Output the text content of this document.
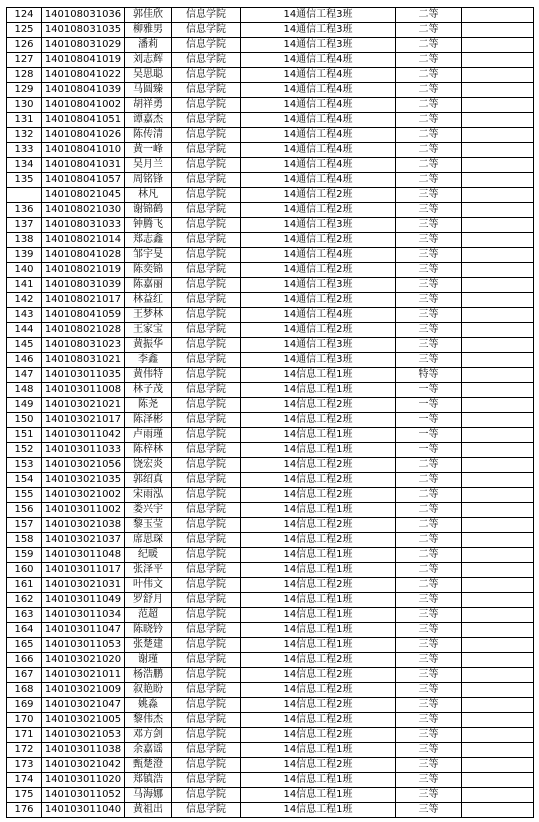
124	140108031036	郭佳欣	信息学院	14通信工程3班	二等	
125	140108031035	柳雅男	信息学院	14通信工程3班	二等	
126	140108031029	潘莉	信息学院	14通信工程3班	二等	
127	140108041019	刘志辉	信息学院	14通信工程4班	二等	
128	140108041022	吴思聪	信息学院	14通信工程4班	二等	
129	140108041039	马圆臻	信息学院	14通信工程4班	二等	
130	140108041002	胡祥勇	信息学院	14通信工程4班	二等	
131	140108041051	谭嘉杰	信息学院	14通信工程4班	二等	
132	140108041026	陈传清	信息学院	14通信工程4班	二等	
133	140108041010	黄一峰	信息学院	14通信工程4班	二等	
134	140108041031	吴月兰	信息学院	14通信工程4班	二等	
135	140108041057	周铭锋	信息学院	14通信工程4班	二等	
	140108021045	林凡	信息学院	14通信工程2班	三等	
136	140108021030	谢锦鹤	信息学院	14通信工程2班	三等	
137	140108031033	钟腾飞	信息学院	14通信工程3班	三等	
138	140108021014	郑志鑫	信息学院	14通信工程2班	三等	
139	140108041028	邹宇旻	信息学院	14通信工程4班	三等	
140	140108021019	陈奕锦	信息学院	14通信工程2班	三等	
141	140108031039	陈嘉丽	信息学院	14通信工程3班	三等	
142	140108021017	林益红	信息学院	14通信工程2班	三等	
143	140108041059	王梦林	信息学院	14通信工程4班	三等	
144	140108021028	王家宝	信息学院	14通信工程2班	三等	
145	140108031023	黄振华	信息学院	14通信工程3班	三等	
146	140108031021	李鑫	信息学院	14通信工程3班	三等	
147	140103011035	黄伟特	信息学院	14信息工程1班	特等	
148	140103011008	林子茂	信息学院	14信息工程1班	一等	
149	140103021021	陈尧	信息学院	14信息工程2班	一等	
150	140103021017	陈泽彬	信息学院	14信息工程2班	一等	
151	140103011042	卢雨瑾	信息学院	14信息工程1班	一等	
152	140103011033	陈梓林	信息学院	14信息工程1班	一等	
153	140103021056	饶宏炎	信息学院	14信息工程2班	二等	
154	140103021035	郭绍真	信息学院	14信息工程2班	二等	
155	140103021002	宋雨泓	信息学院	14信息工程2班	二等	
156	140103011002	娄兴宇	信息学院	14信息工程1班	二等	
157	140103021038	黎玉莹	信息学院	14信息工程2班	二等	
158	140103021037	席思琛	信息学院	14信息工程2班	二等	
159	140103011048	纪暖	信息学院	14信息工程1班	二等	
160	140103011017	张泽平	信息学院	14信息工程1班	二等	
161	140103021031	叶伟文	信息学院	14信息工程2班	二等	
162	140103011049	罗舒月	信息学院	14信息工程1班	三等	
163	140103011034	范超	信息学院	14信息工程1班	三等	
164	140103011047	陈晓钤	信息学院	14信息工程1班	三等	
165	140103011053	张楚建	信息学院	14信息工程1班	三等	
166	140103021020	谢瑾	信息学院	14信息工程2班	三等	
167	140103021011	杨浩鹏	信息学院	14信息工程2班	三等	
168	140103021009	叙艳盼	信息学院	14信息工程2班	三等	
169	140103021047	姚淼	信息学院	14信息工程2班	三等	
170	140103021005	黎伟杰	信息学院	14信息工程2班	三等	
171	140103021053	邓方剑	信息学院	14信息工程2班	三等	
172	140103011038	余嘉谣	信息学院	14信息工程1班	三等	
173	140103021042	甄楚澄	信息学院	14信息工程2班	三等	
174	140103011020	郑镇浩	信息学院	14信息工程1班	三等	
175	140103011052	马海娜	信息学院	14信息工程1班	三等	
176	140103011040	黄祖出	信息学院	14信息工程1班	三等	
